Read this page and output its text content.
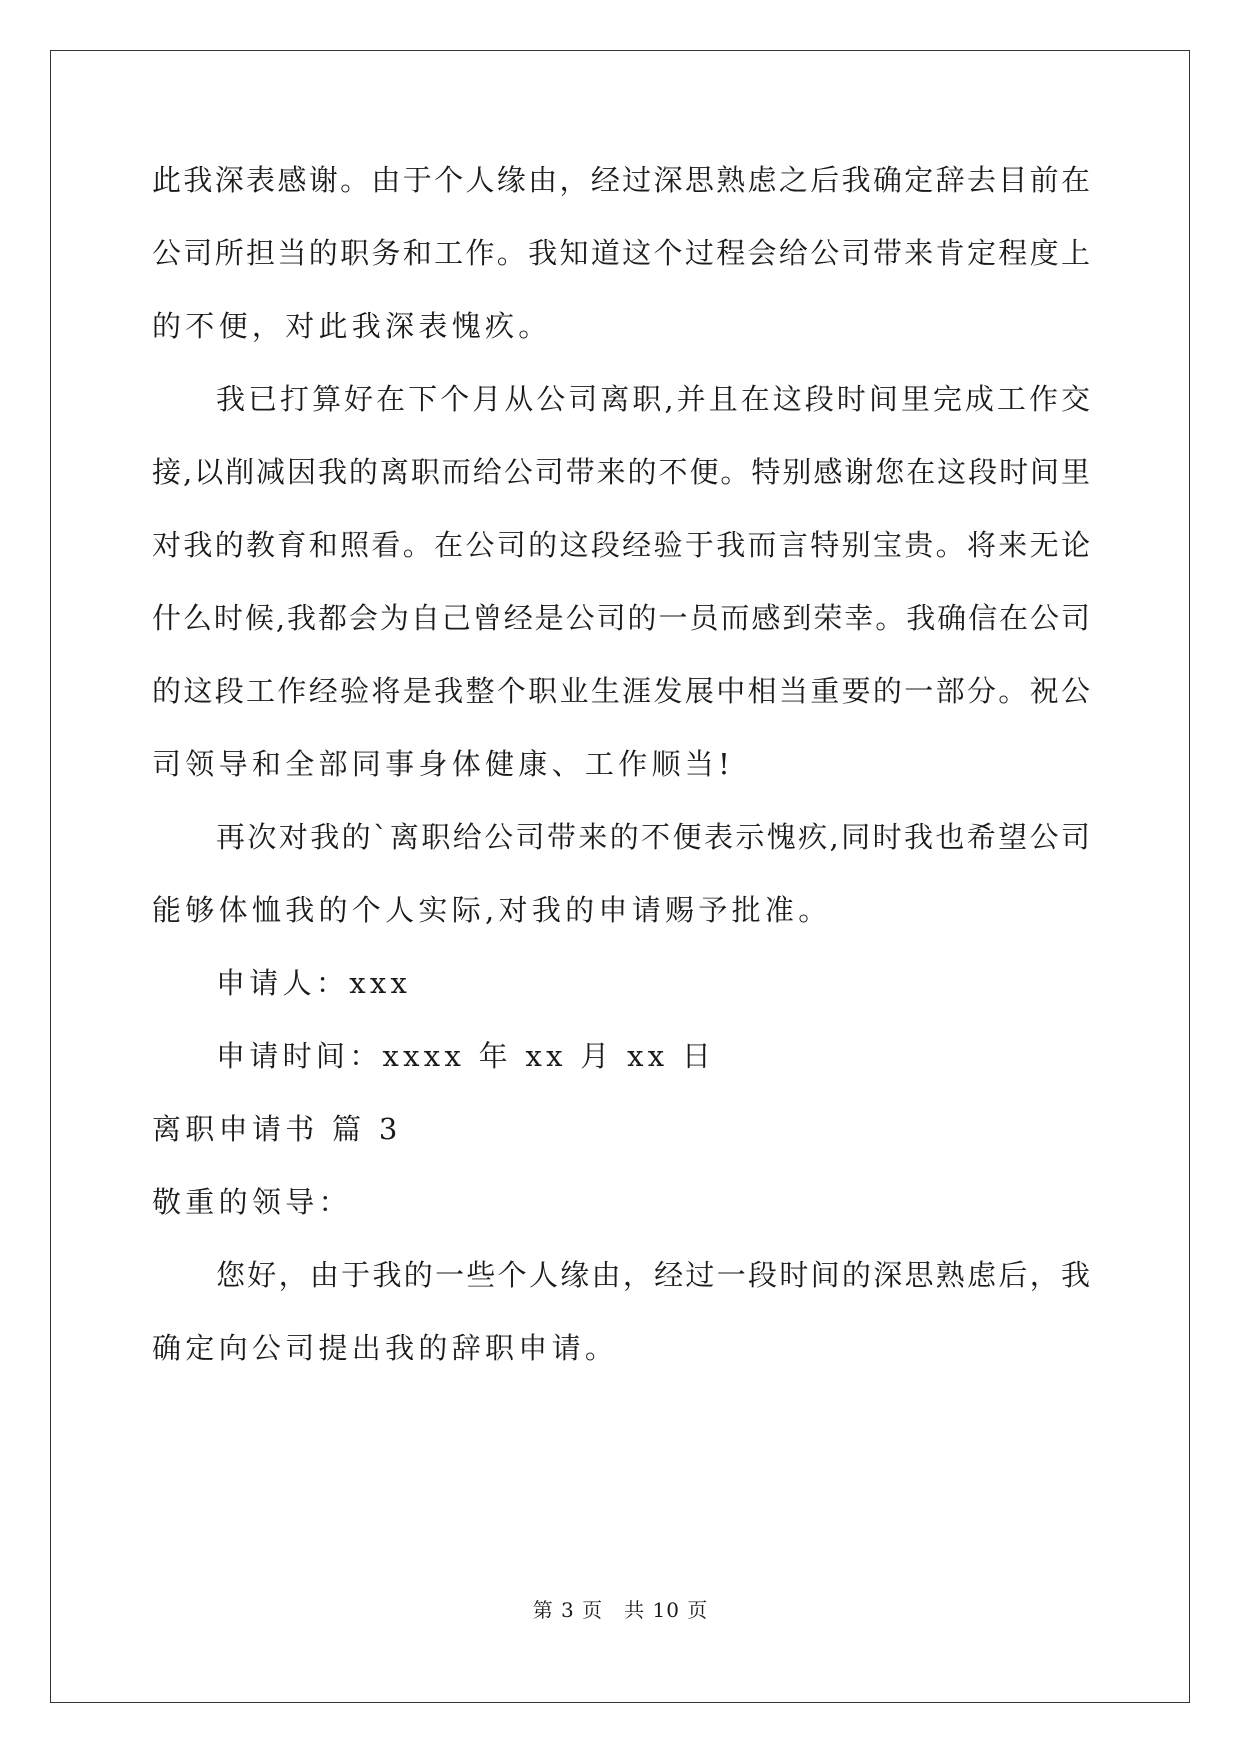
此我深表感谢。由于个人缘由，经过深思熟虑之后我确定辞去目前在
公司所担当的职务和工作。我知道这个过程会给公司带来肯定程度上
的不便，对此我深表愧疚。
我已打算好在下个月从公司离职,并且在这段时间里完成工作交
接,以削减因我的离职而给公司带来的不便。特别感谢您在这段时间里
对我的教育和照看。在公司的这段经验于我而言特别宝贵。将来无论
什么时候,我都会为自己曾经是公司的一员而感到荣幸。我确信在公司
的这段工作经验将是我整个职业生涯发展中相当重要的一部分。祝公
司领导和全部同事身体健康、工作顺当!
再次对我的`离职给公司带来的不便表示愧疚,同时我也希望公司
能够体恤我的个人实际,对我的申请赐予批准。
申请人：xxx
申请时间：xxxx 年 xx 月 xx 日
离职申请书 篇 3
敬重的领导：
您好，由于我的一些个人缘由，经过一段时间的深思熟虑后，我
确定向公司提出我的辞职申请。
第 3 页　共 10 页
